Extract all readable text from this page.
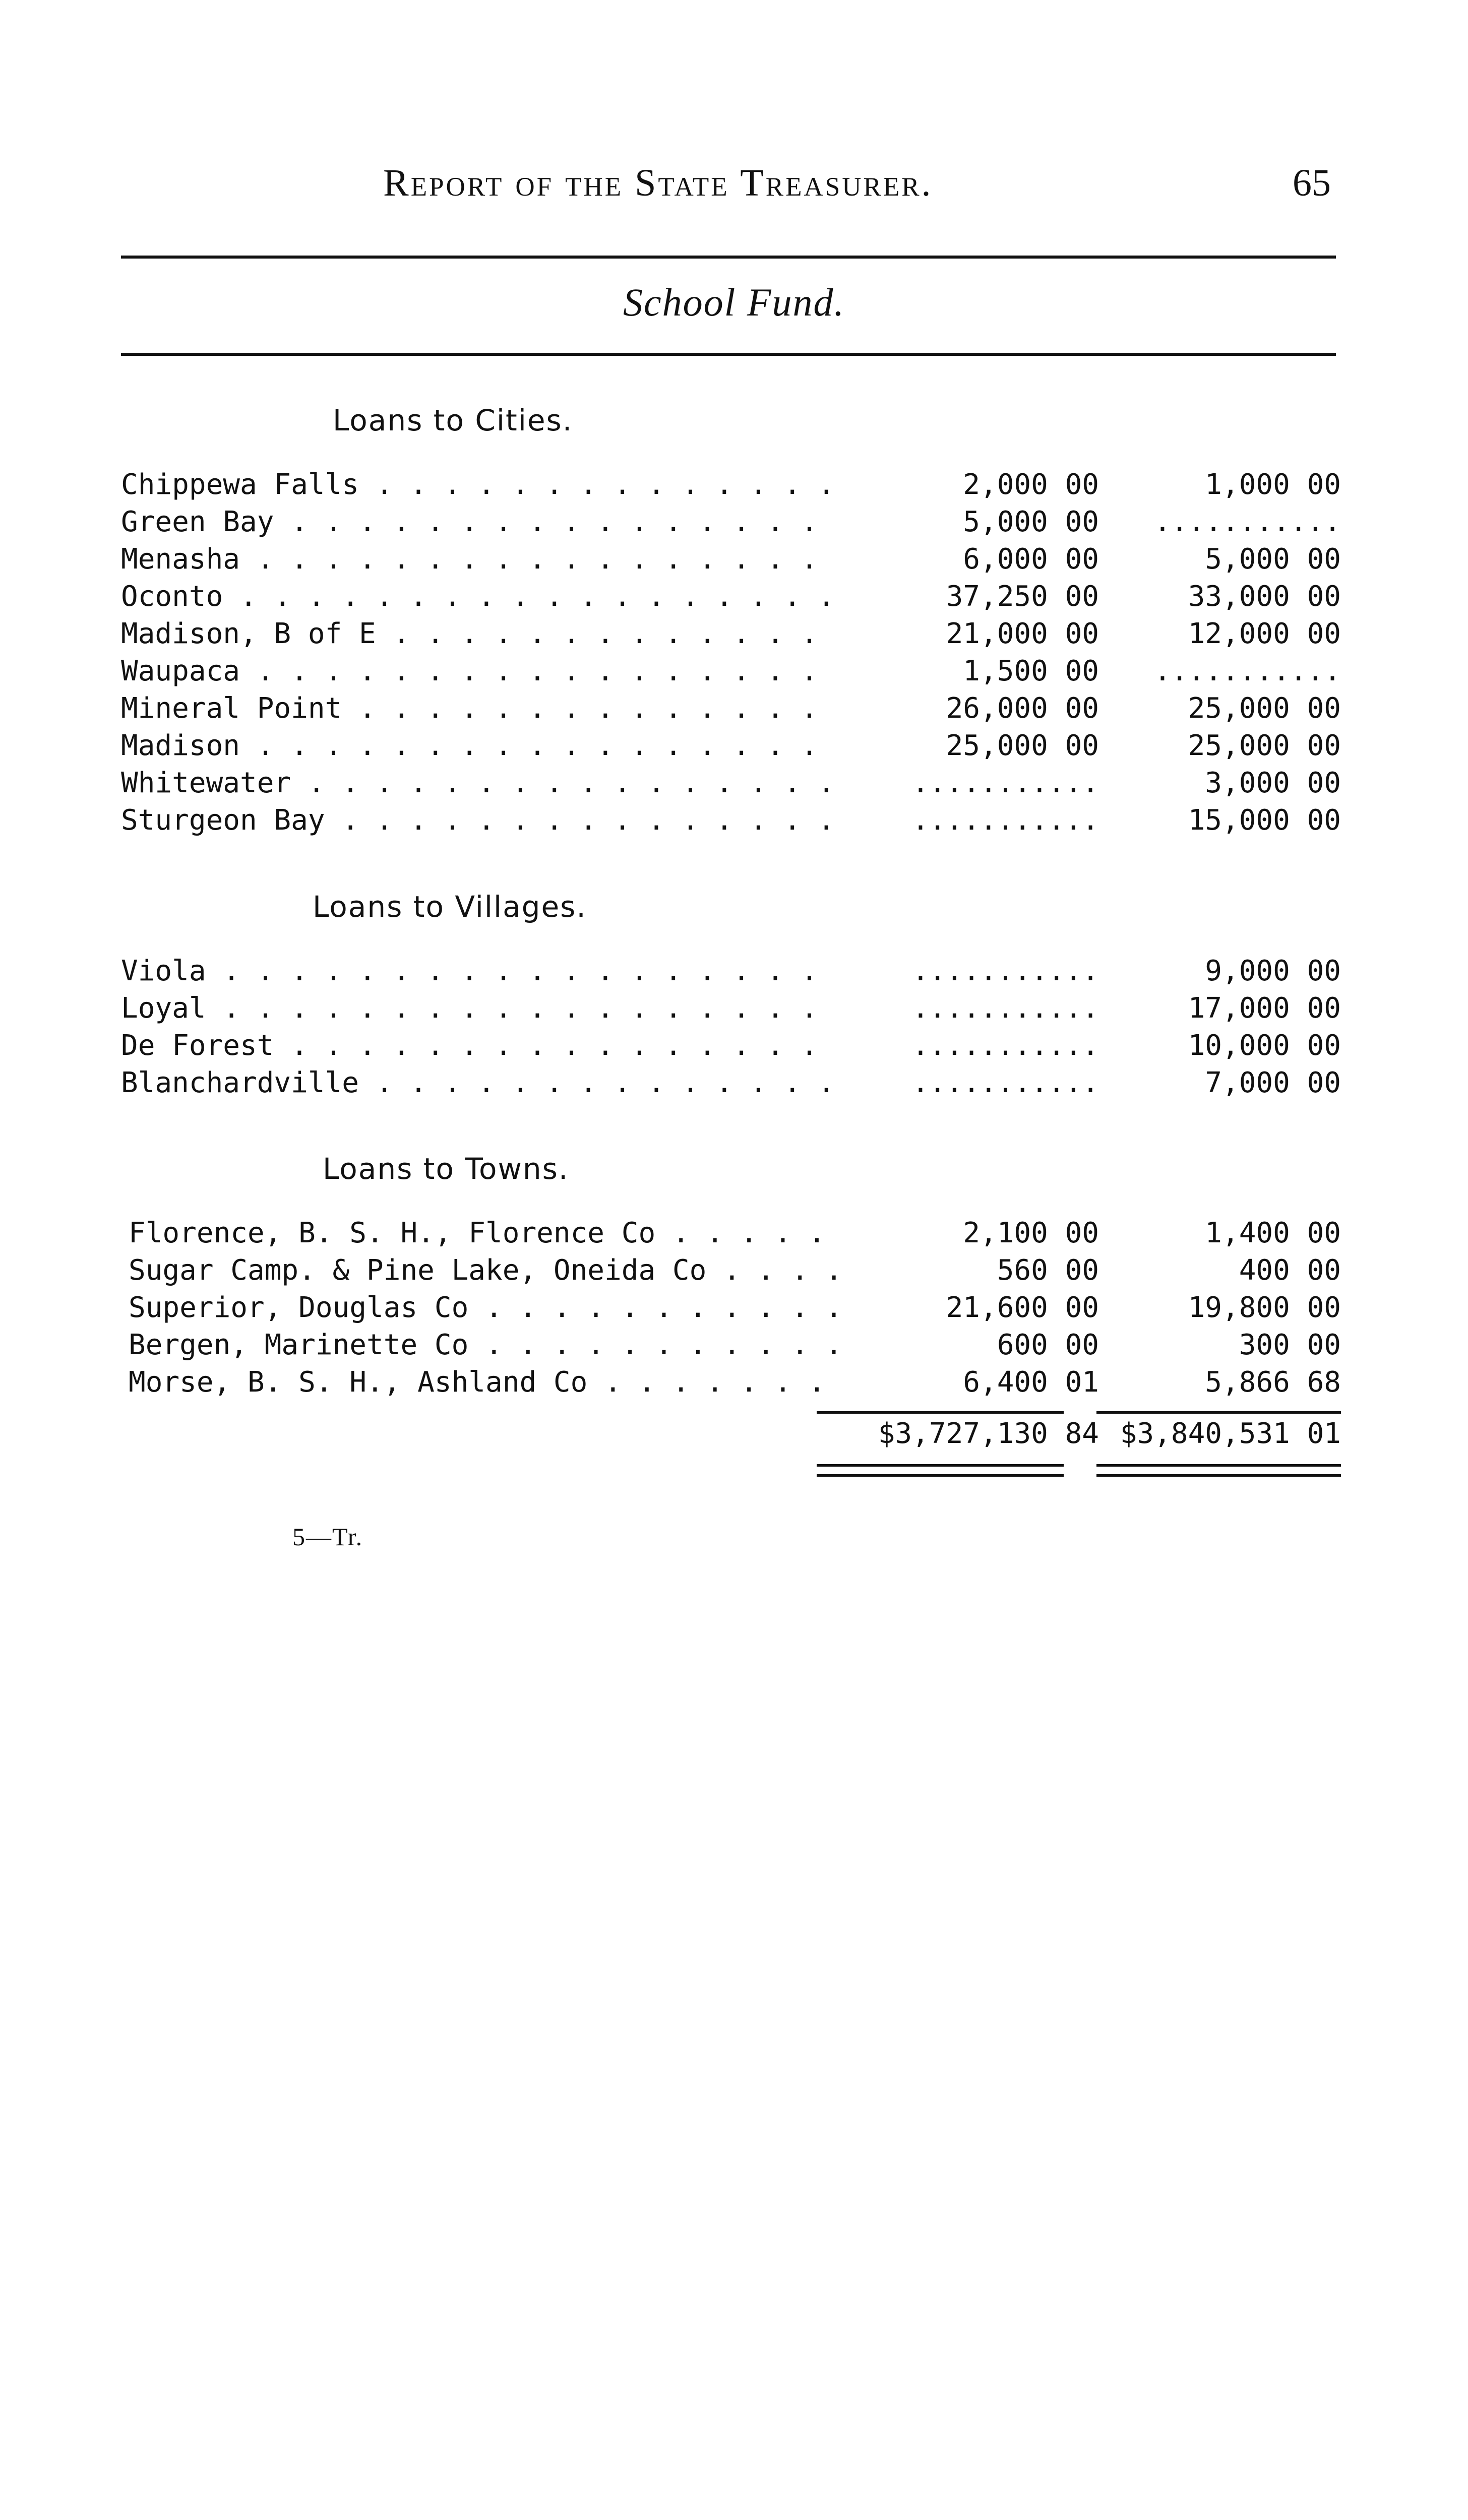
Report of the State Treasurer.	65
School Fund.
Loans to Cities.
Chippewa Falls . . .	2,000 00	1,000 00
Green Bay . . .	5,000 00	...........
Menasha . . .	6,000 00	5,000 00
Oconto . . .	37,250 00	33,000 00
Madison, B of E . . .	21,000 00	12,000 00
Waupaca . . .	1,500 00	...........
Mineral Point . . .	26,000 00	25,000 00
Madison . . .	25,000 00	25,000 00
Whitewater . . .	...........	3,000 00
Sturgeon Bay . . .	...........	15,000 00
Loans to Villages.
Viola . . .	...........	9,000 00
Loyal . . .	...........	17,000 00
De Forest . . .	...........	10,000 00
Blanchardville . . .	...........	7,000 00
Loans to Towns.
Florence, B. S. H., Florence Co . . .	2,100 00	1,400 00
Sugar Camp. & Pine Lake, Oneida Co . . .	560 00	400 00
Superior, Douglas Co . . .	21,600 00	19,800 00
Bergen, Marinette Co . . .	600 00	300 00
Morse, B. S. H., Ashland Co . . .	6,400 01	5,866 68
$3,727,130 84 $3,840,531 01
5—Tr.
